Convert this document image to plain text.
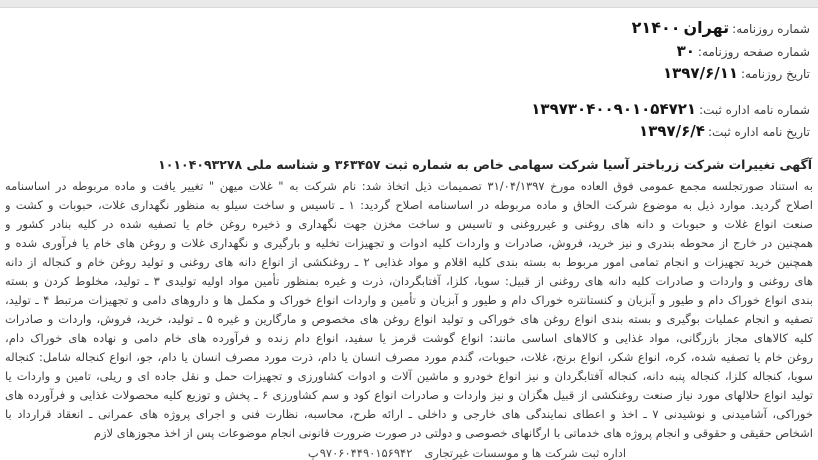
شماره روزنامه:
تهران
۲۱۴۰۰
شماره صفحه روزنامه:
۳۰
تاریخ روزنامه:
۱۳۹۷/۶/۱۱
شماره نامه اداره ثبت:
۱۳۹۷۳۰۴۰۰۹۰۱۰۵۴۷۲۱
تاریخ نامه اداره ثبت:
۱۳۹۷/۶/۴
آگهی تغییرات شرکت زرباختر آسیا شرکت سهامی خاص به شماره ثبت ۳۶۳۴۵۷ و شناسه ملی ۱۰۱۰۴۰۹۳۲۷۸
به استناد صورتجلسه مجمع عمومی فوق العاده مورخ ۳۱/۰۴/۱۳۹۷ تصمیمات ذیل اتخاذ شد: نام شرکت به " غلات میهن " تغییر یافت و ماده مربوطه در اساسنامه
اصلاح گردید. موارد ذیل به موضوع شرکت الحاق و ماده مربوطه در اساسنامه اصلاح گردید: ۱ ـ تاسیس و ساخت سیلو به منظور نگهداری غلات، حبوبات و کشت و
صنعت انواع غلات و حبوبات و دانه های روغنی و غیرروغنی و تاسیس و ساخت مخزن جهت نگهداری و ذخیره روغن خام یا تصفیه شده در کلیه بنادر کشور و
همچنین در خارج از محوطه بندری و نیز خرید، فروش، صادرات و واردات کلیه ادوات و تجهیزات تخلیه و بارگیری و نگهداری غلات و روغن های خام یا فرآوری شده و
همچنین خرید تجهیزات و انجام تمامی امور مربوط به بسته بندی کلیه اقلام و مواد غذایی ۲ ـ روغنکشی از انواع دانه های روغنی و تولید روغن خام و کنجاله از دانه
های روغنی و واردات و صادرات کلیه دانه های روغنی از قبیل: سویا، کلزا، آفتابگردان، ذرت و غیره بمنظور تأمین مواد اولیه تولیدی ۳ ـ تولید، مخلوط کردن و بسته
بندی انواع خوراک دام و طیور و آبزیان و کنستانتره خوراک دام و طیور و آبزیان و تأمین و واردات انواع خوراک و مکمل ها و داروهای دامی و تجهیزات مرتبط ۴ ـ تولید،
تصفیه و انجام عملیات بوگیری و بسته بندی انواع روغن های خوراکی و تولید انواع روغن های مخصوص و مارگارین و غیره ۵ ـ تولید، خرید، فروش، واردات و صادرات
کلیه کالاهای مجاز بازرگانی، مواد غذایی و کالاهای اساسی مانند: انواع گوشت قرمز یا سفید، انواع دام زنده و فرآورده های خام دامی و نهاده های خوراک دام،
روغن خام یا تصفیه شده، کره، انواع شکر، انواع برنج، غلات، حبوبات، گندم مورد مصرف انسان یا دام، ذرت مورد مصرف انسان یا دام، جو، انواع کنجاله شامل: کنجاله
سویا، کنجاله کلزا، کنجاله پنبه دانه، کنجاله آفتابگردان و نیز انواع خودرو و ماشین آلات و ادوات کشاورزی و تجهیزات حمل و نقل جاده ای و ریلی، تامین و واردات یا
تولید انواع حلالهای مورد نیاز صنعت روغنکشی از قبیل هگزان و نیز واردات و صادرات انواع کود و سم کشاورزی ۶ ـ پخش و توزیع کلیه محصولات غذایی و فرآورده های
خوراکی، آشامیدنی و نوشیدنی ۷ ـ اخذ و اعطای نمایندگی های خارجی و داخلی ـ ارائه طرح، محاسبه، نظارت فنی و اجرای پروژه های عمرانی ـ انعقاد قرارداد با
اشخاص حقیقی و حقوقی و انجام پروژه های خدماتی با ارگانهای خصوصی و دولتی در صورت ضرورت قانونی انجام موضوعات پس از اخذ مجوزهای لازم
پ ۹۷۰۶۰۴۴۹۰۱۵۶۹۴۲ اداره ثبت شرکت ها و موسسات غیرتجاری
